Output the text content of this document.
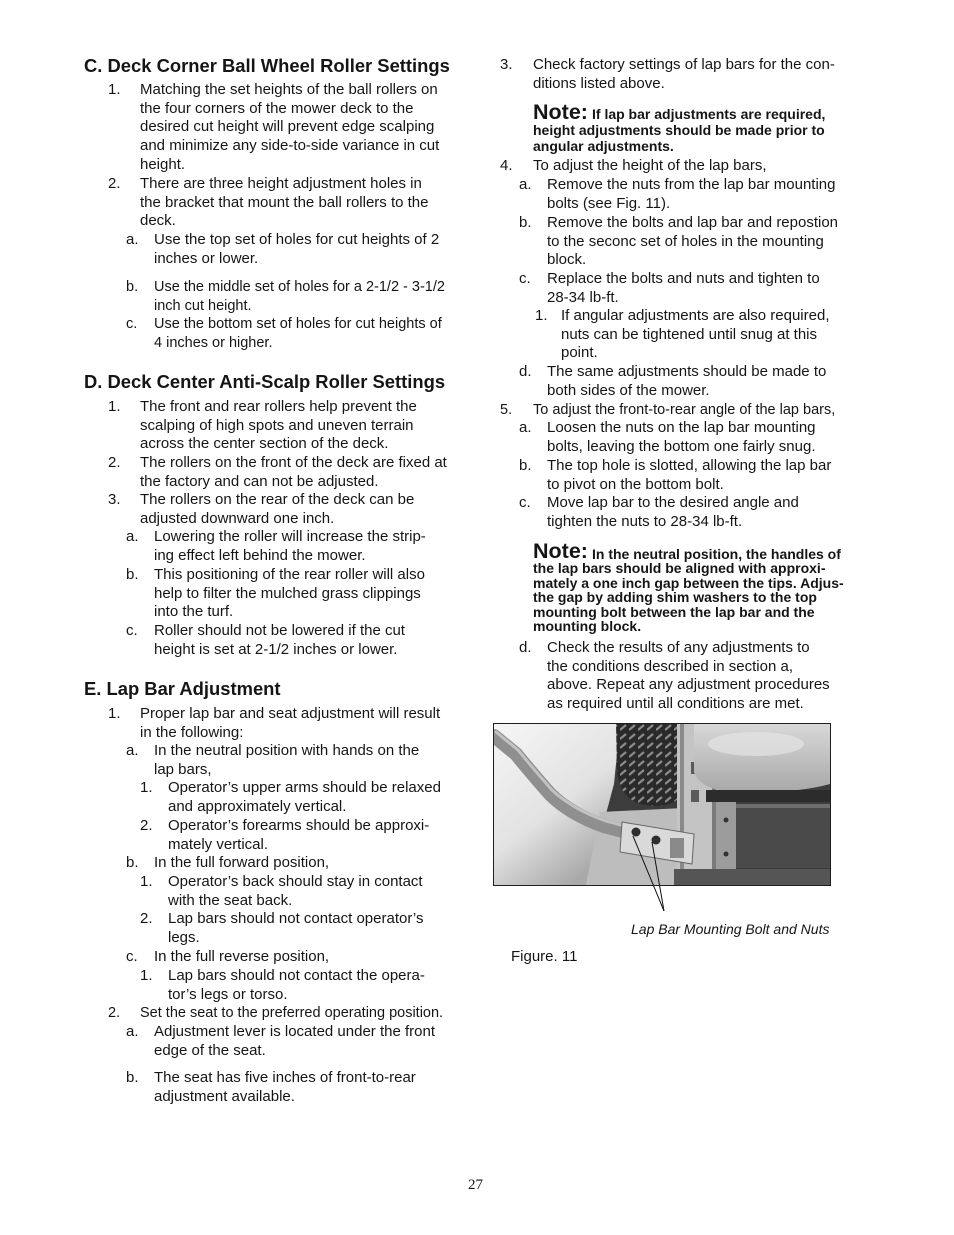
C. Deck Corner Ball Wheel Roller Settings
1. Matching the set heights of the ball rollers on
the four corners of the mower deck to the
desired cut height will prevent edge scalping
and minimize any side-to-side variance in cut
height.
2. There are three height adjustment holes in
the bracket that mount the ball rollers to the
deck.
a. Use the top set of holes for cut heights of 2
inches or lower.
b. Use the middle set of holes for a 2-1/2 - 3-1/2
inch cut height.
c. Use the bottom set of holes for cut heights of
4 inches or higher.
D. Deck Center Anti-Scalp Roller Settings
1. The front and rear rollers help prevent the
scalping of high spots and uneven terrain
across the center section of the deck.
2. The rollers on the front of the deck are fixed at
the factory and can not be adjusted.
3. The rollers on the rear of the deck can be
adjusted downward one inch.
a. Lowering the roller will increase the strip-
ing effect left behind the mower.
b. This positioning of the rear roller will also
help to filter the mulched grass clippings
into the turf.
c. Roller should not be lowered if the cut
height is set at 2-1/2 inches or lower.
E. Lap Bar Adjustment
1. Proper lap bar and seat adjustment will result
in the following:
a. In the neutral position with hands on the
lap bars,
1. Operator’s upper arms should be relaxed
and approximately vertical.
2. Operator’s forearms should be approxi-
mately vertical.
b. In the full forward position,
1. Operator’s back should stay in contact
with the seat back.
2. Lap bars should not contact operator’s
legs.
c. In the full reverse position,
1. Lap bars should not contact the opera-
tor’s legs or torso.
2. Set the seat to the preferred operating position.
a. Adjustment lever is located under the front
edge of the seat.
b. The seat has five inches of front-to-rear
adjustment available.
3. Check factory settings of lap bars for the con-
ditions listed above.
Note: If lap bar adjustments are required,
height adjustments should be made prior to
angular adjustments.
4. To adjust the height of the lap bars,
a. Remove the nuts from the lap bar mounting
bolts (see Fig. 11).
b. Remove the bolts and lap bar and repostion
to the seconc set of holes in the mounting
block.
c. Replace the bolts and nuts and tighten to
28-34 lb-ft.
1. If angular adjustments are also required,
nuts can be tightened until snug at this
point.
d. The same adjustments should be made to
both sides of the mower.
5. To adjust the front-to-rear angle of the lap bars,
a. Loosen the nuts on the lap bar mounting
bolts, leaving the bottom one fairly snug.
b. The top hole is slotted, allowing the lap bar
to pivot on the bottom bolt.
c. Move lap bar to the desired angle and
tighten the nuts to 28-34 lb-ft.
Note: In the neutral position, the handles of
the lap bars should be aligned with approxi-
mately a one inch gap between the tips. Adjus-
the gap by adding shim washers to the top
mounting bolt between the lap bar and the
mounting block.
d. Check the results of any adjustments to
the conditions described in section a,
above. Repeat any adjustment procedures
as required until all conditions are met.
Lap Bar Mounting Bolt and Nuts
Figure. 11
27
